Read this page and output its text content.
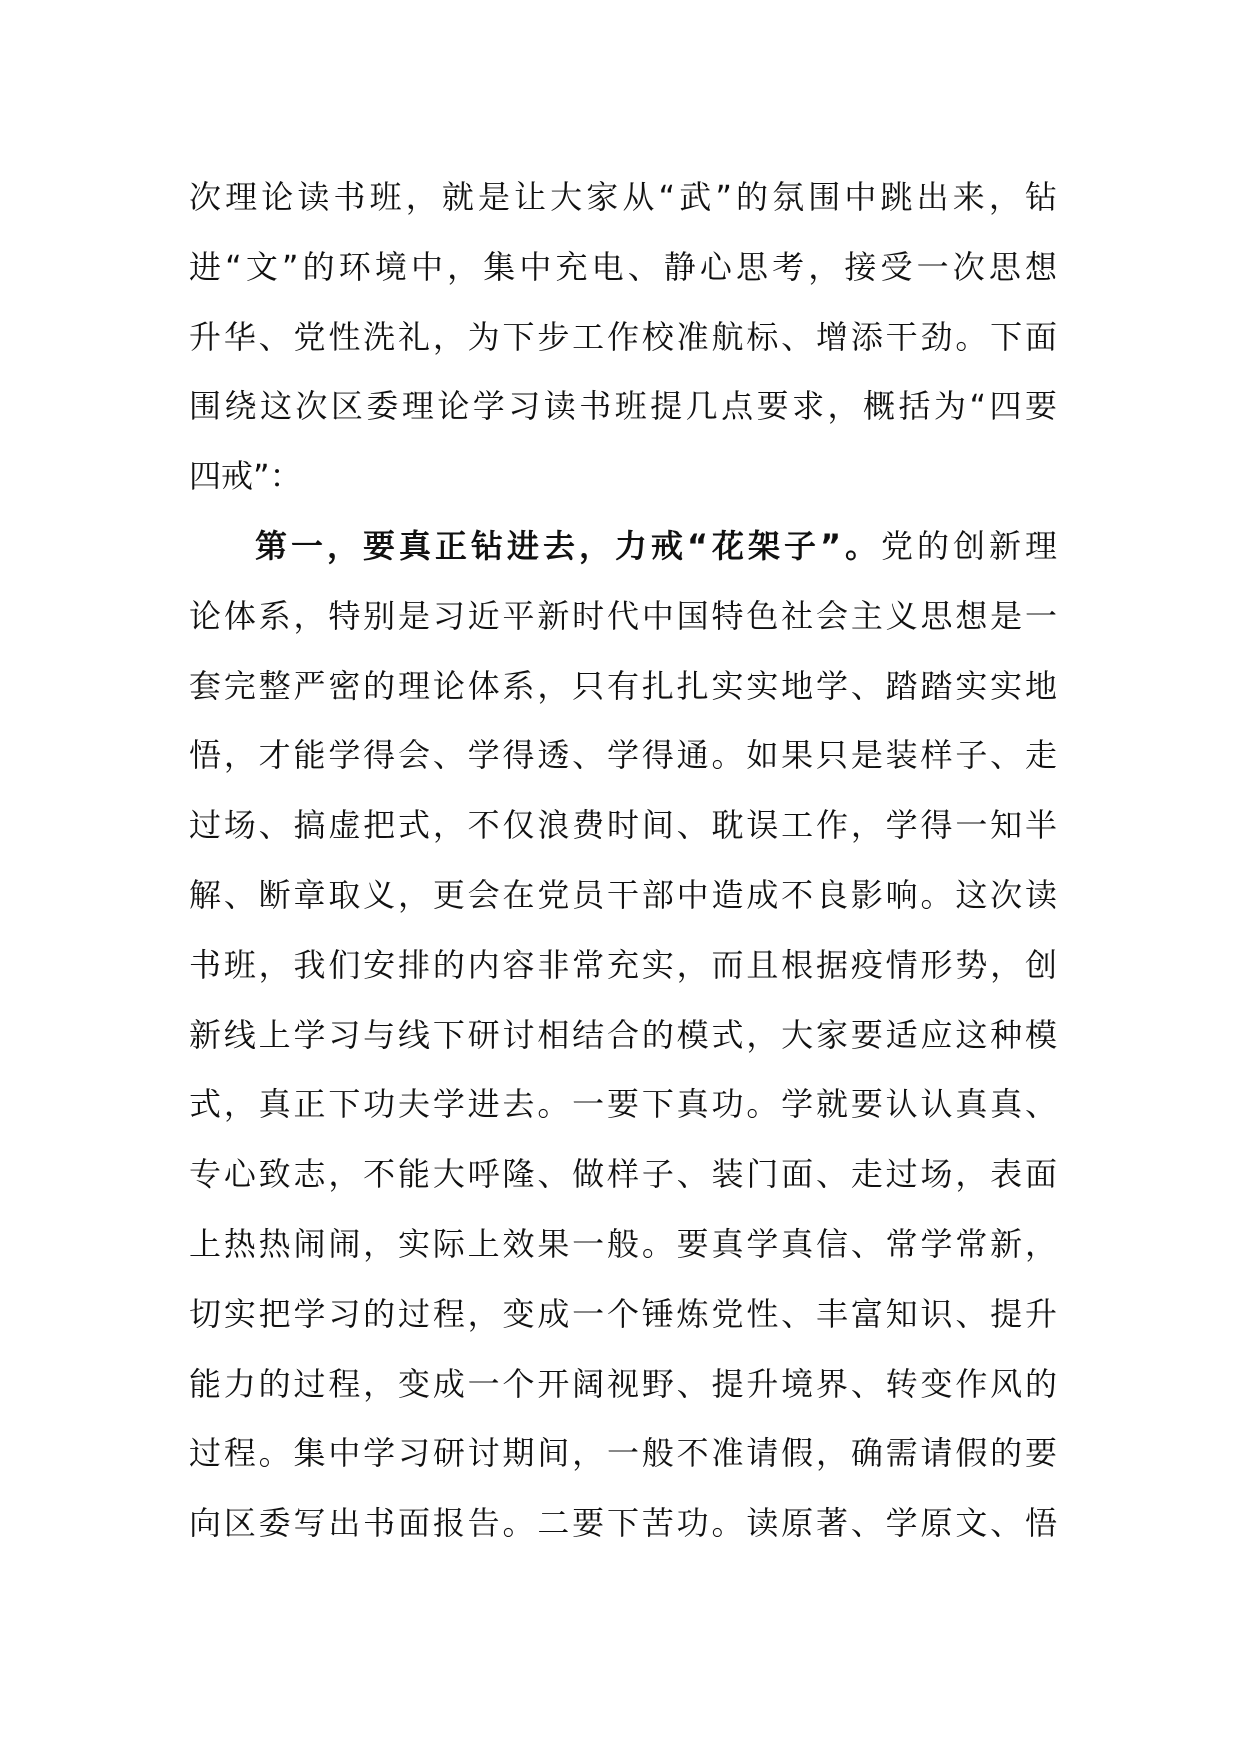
次理论读书班，就是让大家从“武”的氛围中跳出来，钻
进“文”的环境中，集中充电、静心思考，接受一次思想
升华、党性洗礼，为下步工作校准航标、增添干劲。下面
围绕这次区委理论学习读书班提几点要求，概括为“四要
四戒”：
第一，要真正钻进去，力戒“花架子”。党的创新理
论体系，特别是习近平新时代中国特色社会主义思想是一
套完整严密的理论体系，只有扎扎实实地学、踏踏实实地
悟，才能学得会、学得透、学得通。如果只是装样子、走
过场、搞虚把式，不仅浪费时间、耽误工作，学得一知半
解、断章取义，更会在党员干部中造成不良影响。这次读
书班，我们安排的内容非常充实，而且根据疫情形势，创
新线上学习与线下研讨相结合的模式，大家要适应这种模
式，真正下功夫学进去。一要下真功。学就要认认真真、
专心致志，不能大呼隆、做样子、装门面、走过场，表面
上热热闹闹，实际上效果一般。要真学真信、常学常新，
切实把学习的过程，变成一个锤炼党性、丰富知识、提升
能力的过程，变成一个开阔视野、提升境界、转变作风的
过程。集中学习研讨期间，一般不准请假，确需请假的要
向区委写出书面报告。二要下苦功。读原著、学原文、悟
